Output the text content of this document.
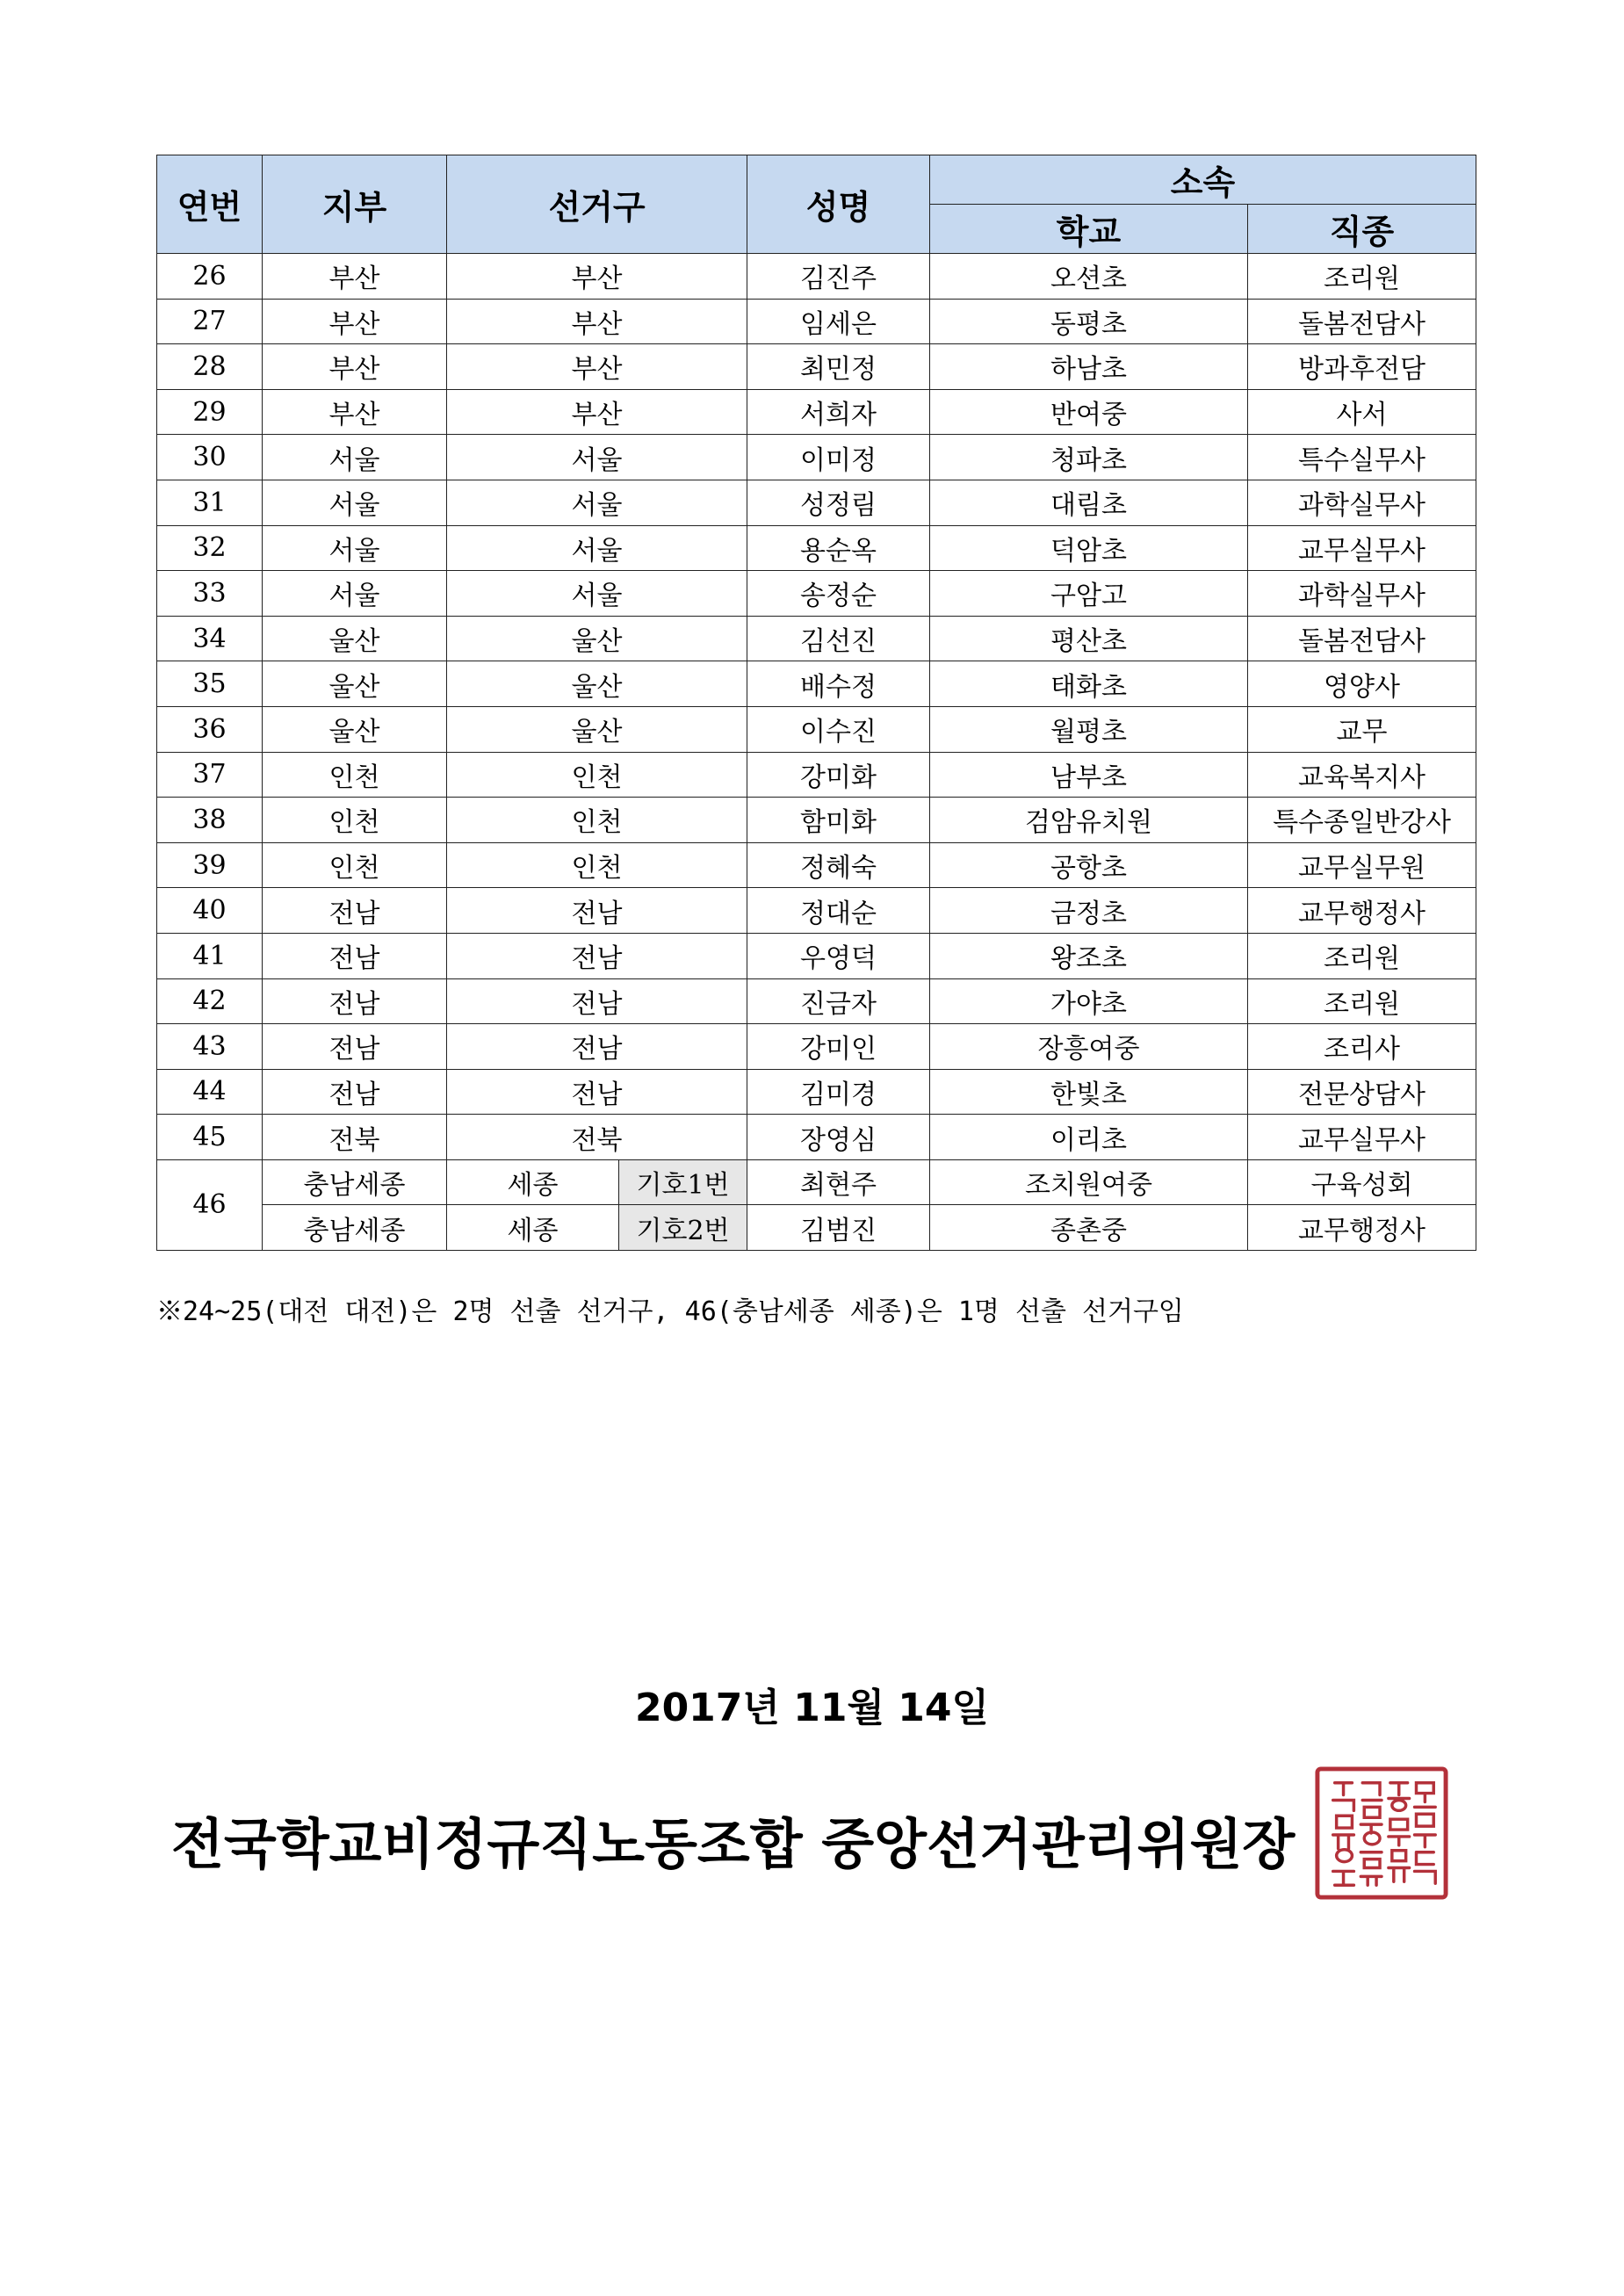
연번	지부	선거구		성명	소속	
					학교	직종
26	부산	부산		김진주	오션초	조리원
27	부산	부산		임세은	동평초	돌봄전담사
28	부산	부산		최민정	하남초	방과후전담
29	부산	부산		서희자	반여중	사서
30	서울	서울		이미정	청파초	특수실무사
31	서울	서울		성정림	대림초	과학실무사
32	서울	서울		용순옥	덕암초	교무실무사
33	서울	서울		송정순	구암고	과학실무사
34	울산	울산		김선진	평산초	돌봄전담사
35	울산	울산		배수정	태화초	영양사
36	울산	울산		이수진	월평초	교무
37	인천	인천		강미화	남부초	교육복지사
38	인천	인천		함미화	검암유치원	특수종일반강사
39	인천	인천		정혜숙	공항초	교무실무원
40	전남	전남		정대순	금정초	교무행정사
41	전남	전남		우영덕	왕조초	조리원
42	전남	전남		진금자	가야초	조리원
43	전남	전남		강미인	장흥여중	조리사
44	전남	전남		김미경	한빛초	전문상담사
45	전북	전북		장영심	이리초	교무실무사
46	충남세종	세종	기호1번	최현주	조치원여중	구육성회
	충남세종	세종	기호2번	김범진	종촌중	교무행정사
※24~25(대전 대전)은 2명 선출 선거구, 46(충남세종 세종)은 1명 선출 선거구임
2017년 11월 14일
전국학교비정규직노동조합 중앙선거관리위원장
